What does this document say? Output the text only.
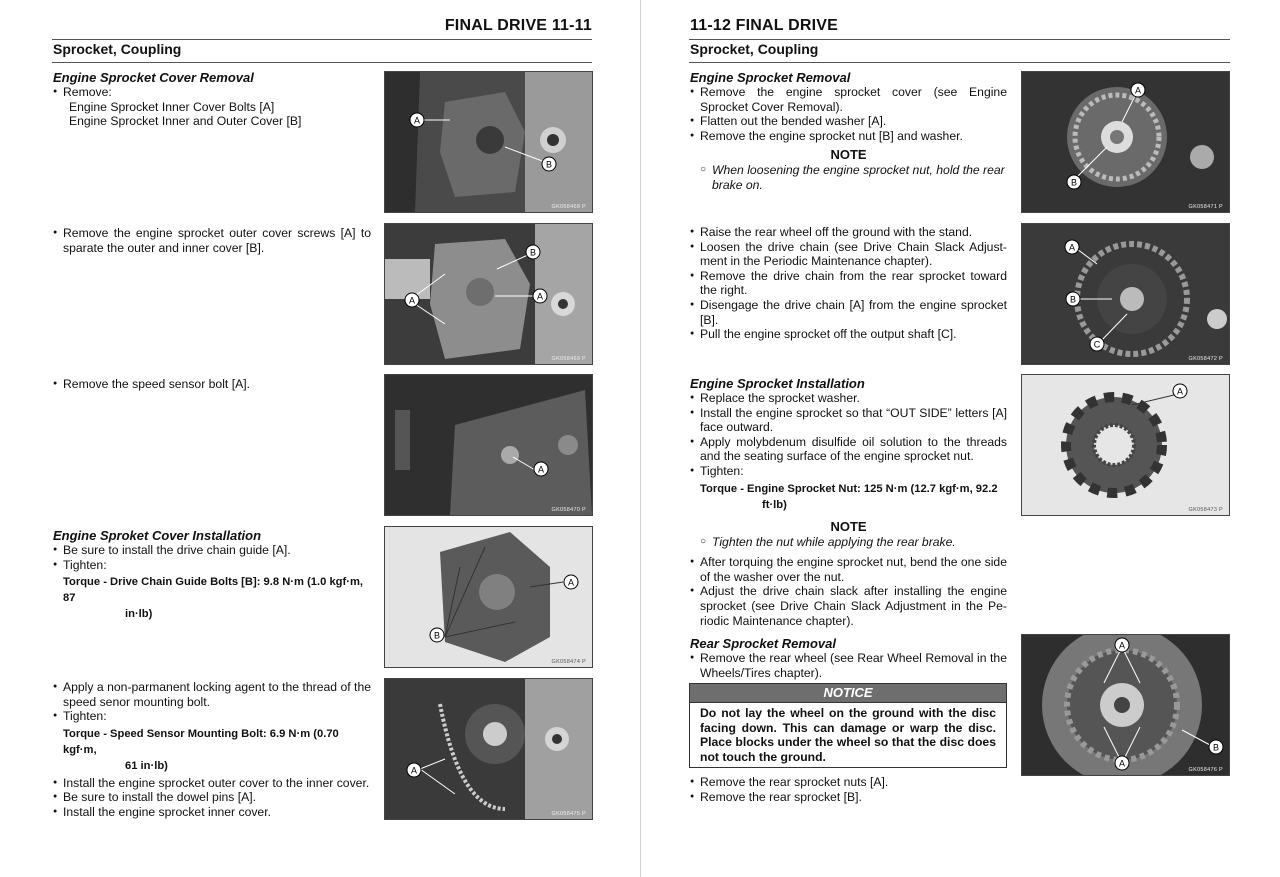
FINAL DRIVE 11-11
Sprocket, Coupling
Engine Sprocket Cover Removal
● Remove:
Engine Sprocket Inner Cover Bolts [A]
Engine Sprocket Inner and Outer Cover [B]
● Remove the engine sprocket outer cover screws [A] to sparate the outer and inner cover [B].
● Remove the speed sensor bolt [A].
Engine Sproket Cover Installation
● Be sure to install the drive chain guide [A].
● Tighten:
Torque - Drive Chain Guide Bolts [B]: 9.8 N·m (1.0 kgf·m, 87
in·lb)
● Apply a non-parmanent locking agent to the thread of the speed senor mounting bolt.
● Tighten:
Torque - Speed Sensor Mounting Bolt: 6.9 N·m (0.70 kgf·m,
61 in·lb)
● Install the engine sprocket outer cover to the inner cover.
● Be sure to install the dowel pins [A].
● Install the engine sprocket inner cover.
A
B
GK058468 P
A	A
B
GK058469 P
A
GK058470 P
A
B
GK058474 P
A
GK058475 P
11-12 FINAL DRIVE
Sprocket, Coupling
Engine Sprocket Removal
● Remove the engine sprocket cover (see Engine Sprocket Cover Removal).
● Flatten out the bended washer [A].
● Remove the engine sprocket nut [B] and washer.
NOTE
○ When loosening the engine sprocket nut, hold the rear brake on.
● Raise the rear wheel off the ground with the stand.
● Loosen the drive chain (see Drive Chain Slack Adjust-ment in the Periodic Maintenance chapter).
● Remove the drive chain from the rear sprocket toward the right.
● Disengage the drive chain [A] from the engine sprocket [B].
● Pull the engine sprocket off the output shaft [C].
Engine Sprocket Installation
● Replace the sprocket washer.
● Install the engine sprocket so that “OUT SIDE” letters [A] face outward.
● Apply molybdenum disulfide oil solution to the threads and the seating surface of the engine sprocket nut.
● Tighten:
Torque - Engine Sprocket Nut: 125 N·m (12.7 kgf·m, 92.2
ft·lb)
NOTE
○ Tighten the nut while applying the rear brake.
● After torquing the engine sprocket nut, bend the one side of the washer over the nut.
● Adjust the drive chain slack after installing the engine sprocket (see Drive Chain Slack Adjustment in the Pe-riodic Maintenance chapter).
Rear Sprocket Removal
● Remove the rear wheel (see Rear Wheel Removal in the Wheels/Tires chapter).
NOTICE
Do not lay the wheel on the ground with the disc facing down. This can damage or warp the disc. Place blocks under the wheel so that the disc does not touch the ground.
● Remove the rear sprocket nuts [A].
● Remove the rear sprocket [B].
A
B
GK058471 P
A
B
C
GK058472 P
A
GK058473 P
A
A
B
GK058476 P
